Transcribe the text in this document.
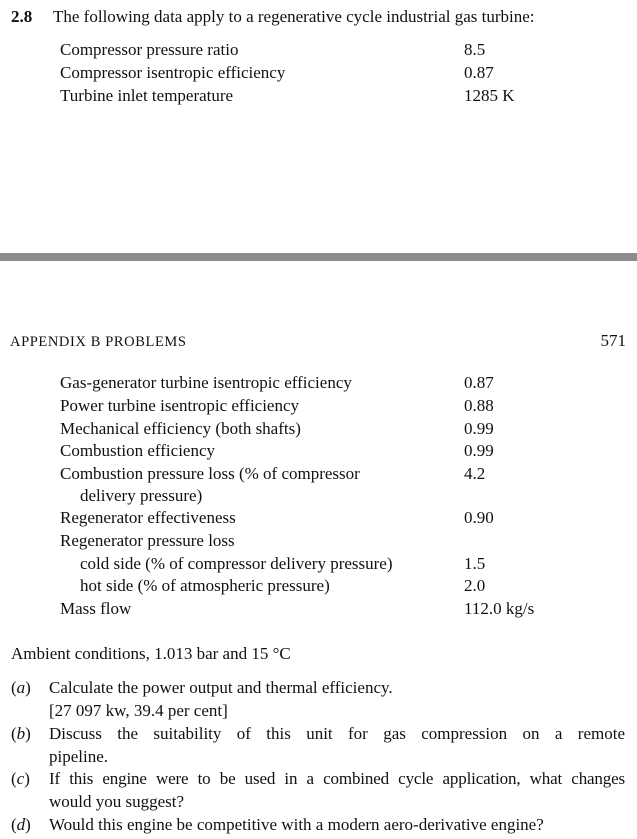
2.8 The following data apply to a regenerative cycle industrial gas turbine:
Compressor pressure ratio	8.5
Compressor isentropic efficiency	0.87
Turbine inlet temperature	1285 K
APPENDIX B PROBLEMS	571
Gas-generator turbine isentropic efficiency	0.87
Power turbine isentropic efficiency	0.88
Mechanical efficiency (both shafts)	0.99
Combustion efficiency	0.99
Combustion pressure loss (% of compressor	4.2
delivery pressure)
Regenerator effectiveness	0.90
Regenerator pressure loss
cold side (% of compressor delivery pressure)	1.5
hot side (% of atmospheric pressure)	2.0
Mass flow	112.0 kg/s
Ambient conditions, 1.013 bar and 15 °C
(a) Calculate the power output and thermal efficiency.
[27 097 kw, 39.4 per cent]
(b) Discuss the suitability of this unit for gas compression on a remote
pipeline.
(c) If this engine were to be used in a combined cycle application, what changes
would you suggest?
(d) Would this engine be competitive with a modern aero-derivative engine?
